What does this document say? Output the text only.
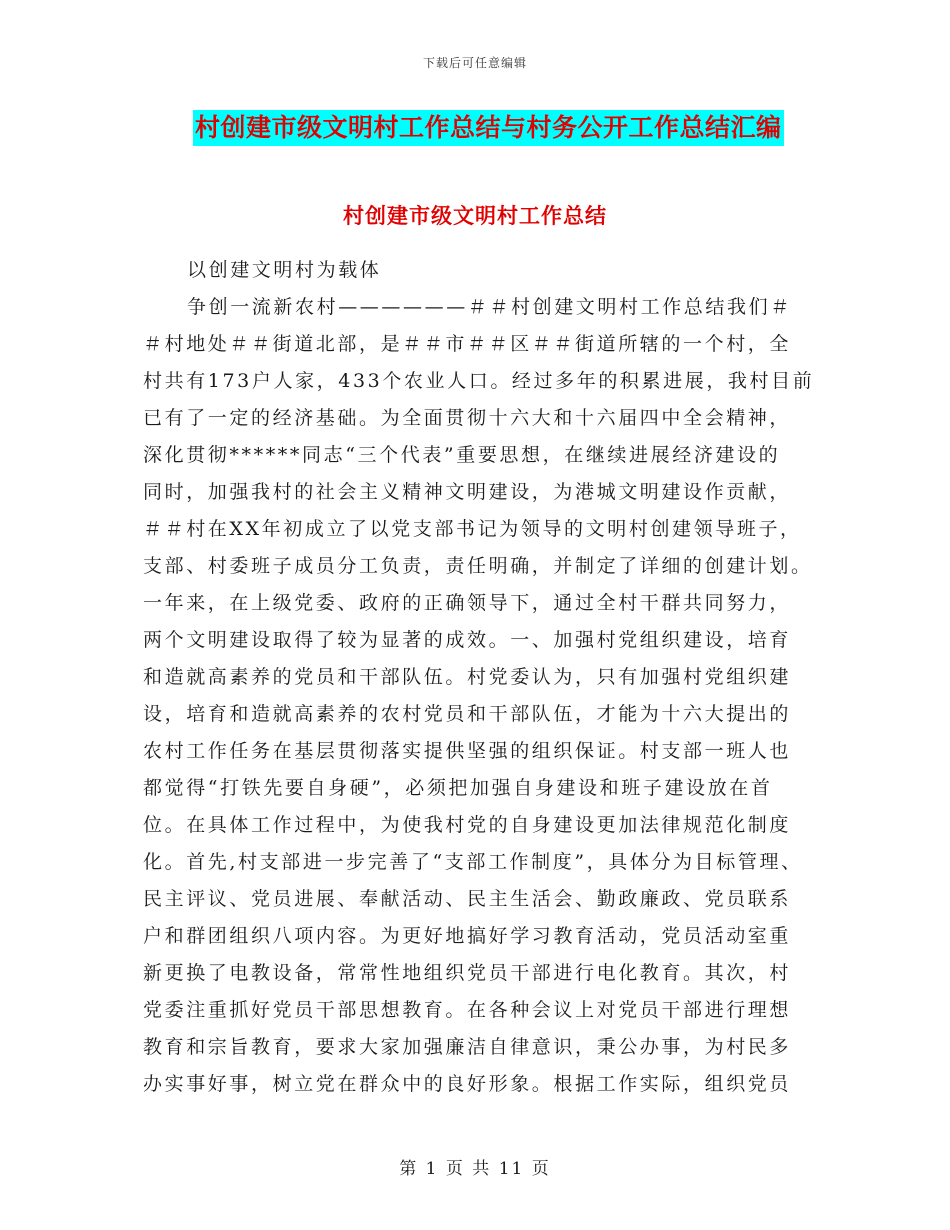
下载后可任意编辑
村创建市级文明村工作总结与村务公开工作总结汇编
村创建市级文明村工作总结
以创建文明村为载体
争创一流新农村——————＃＃村创建文明村工作总结我们＃
＃村地处＃＃街道北部，是＃＃市＃＃区＃＃街道所辖的一个村，全
村共有173户人家，433个农业人口。经过多年的积累进展，我村目前
已有了一定的经济基础。为全面贯彻十六大和十六届四中全会精神，
深化贯彻******同志“三个代表”重要思想，在继续进展经济建设的
同时，加强我村的社会主义精神文明建设，为港城文明建设作贡献，
＃＃村在XX年初成立了以党支部书记为领导的文明村创建领导班子，
支部、村委班子成员分工负责，责任明确，并制定了详细的创建计划。
一年来，在上级党委、政府的正确领导下，通过全村干群共同努力，
两个文明建设取得了较为显著的成效。一、加强村党组织建设，培育
和造就高素养的党员和干部队伍。村党委认为，只有加强村党组织建
设，培育和造就高素养的农村党员和干部队伍，才能为十六大提出的
农村工作任务在基层贯彻落实提供坚强的组织保证。村支部一班人也
都觉得“打铁先要自身硬”，必须把加强自身建设和班子建设放在首
位。在具体工作过程中，为使我村党的自身建设更加法律规范化制度
化。首先,村支部进一步完善了“支部工作制度”，具体分为目标管理、
民主评议、党员进展、奉献活动、民主生活会、勤政廉政、党员联系
户和群团组织八项内容。为更好地搞好学习教育活动，党员活动室重
新更换了电教设备，常常性地组织党员干部进行电化教育。其次，村
党委注重抓好党员干部思想教育。在各种会议上对党员干部进行理想
教育和宗旨教育，要求大家加强廉洁自律意识，秉公办事，为村民多
办实事好事，树立党在群众中的良好形象。根据工作实际，组织党员
第 1 页 共 11 页
